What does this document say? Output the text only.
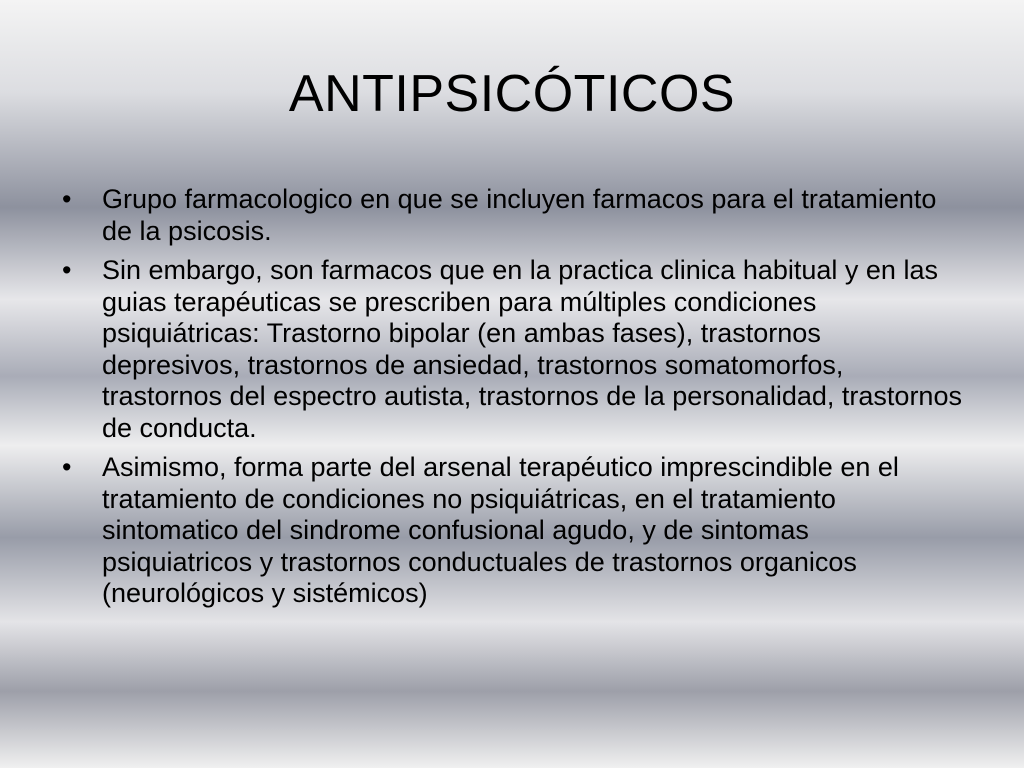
ANTIPSICÓTICOS
•	Grupo farmacologico en que se incluyen farmacos para el tratamiento de la psicosis.
•	Sin embargo, son farmacos que en la practica clinica habitual y en las guias terapéuticas se prescriben para múltiples condiciones psiquiátricas: Trastorno bipolar (en ambas fases), trastornos depresivos, trastornos de ansiedad, trastornos somatomorfos, trastornos del espectro autista, trastornos de la personalidad, trastornos de conducta.
•	Asimismo, forma parte del arsenal terapéutico imprescindible en el tratamiento de condiciones no psiquiátricas, en el tratamiento sintomatico del sindrome confusional agudo, y de sintomas psiquiatricos y trastornos conductuales de trastornos organicos (neurológicos y sistémicos)
